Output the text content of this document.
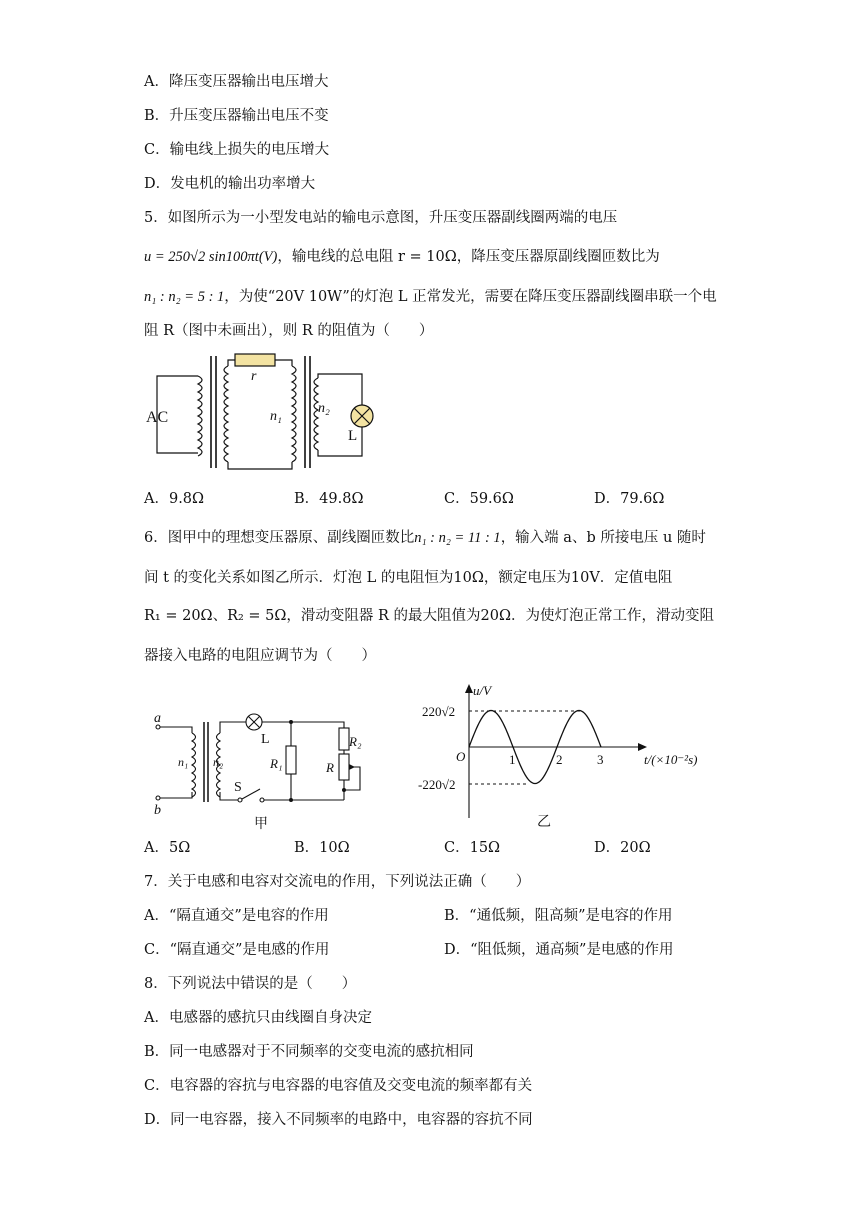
A．降压变压器输出电压增大
B．升压变压器输出电压不变
C．输电线上损失的电压增大
D．发电机的输出功率增大
5．如图所示为一小型发电站的输电示意图，升压变压器副线圈两端的电压
u = 250√2 sin100πt(V)，输电线的总电阻 r = 10Ω，降压变压器原副线圈匝数比为
n₁ : n₂ = 5 : 1，为使“20V 10W”的灯泡 L 正常发光，需要在降压变压器副线圈串联一个电
阻 R（图中未画出），则 R 的阻值为（　　）
AC
r
n₁
n₂
L
A．9.8Ω	B．49.8Ω	C．59.6Ω	D．79.6Ω
6．图甲中的理想变压器原、副线圈匝数比n₁ : n₂ = 11 : 1，输入端 a、b 所接电压 u 随时
间 t 的变化关系如图乙所示．灯泡 L 的电阻恒为10Ω，额定电压为10V．定值电阻
R₁ = 20Ω、R₂ = 5Ω，滑动变阻器 R 的最大阻值为20Ω．为使灯泡正常工作，滑动变阻
器接入电路的电阻应调节为（　　）
a
b
n₁ n₂
L
S
R₁
R₂
R
甲
220√2
-220√2
O
u/V
1	2	3	t/(×10⁻²s)
乙
A．5Ω	B．10Ω	C．15Ω	D．20Ω
7．关于电感和电容对交流电的作用，下列说法正确（　　）
A．“隔直通交”是电容的作用	B．“通低频，阻高频”是电容的作用
C．“隔直通交”是电感的作用	D．“阻低频，通高频”是电感的作用
8．下列说法中错误的是（　　）
A．电感器的感抗只由线圈自身决定
B．同一电感器对于不同频率的交变电流的感抗相同
C．电容器的容抗与电容器的电容值及交变电流的频率都有关
D．同一电容器，接入不同频率的电路中，电容器的容抗不同
